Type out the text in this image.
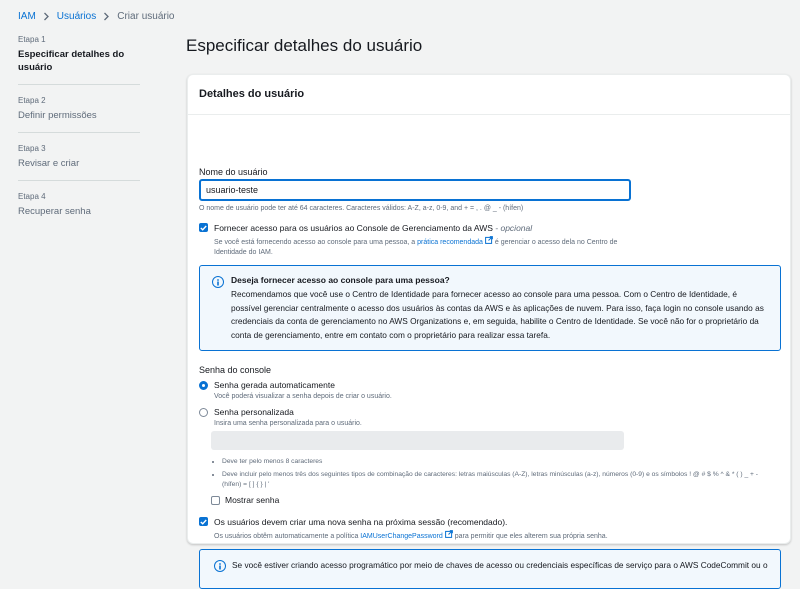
IAM Usuários Criar usuário
Etapa 1
Especificar detalhes do usuário
Etapa 2
Definir permissões
Etapa 3
Revisar e criar
Etapa 4
Recuperar senha
Especificar detalhes do usuário
Detalhes do usuário
Nome do usuário
usuario-teste
O nome de usuário pode ter até 64 caracteres. Caracteres válidos: A-Z, a-z, 0-9, and + = , . @ _ - (hífen)
Fornecer acesso para os usuários ao Console de Gerenciamento da AWS - opcional
Se você está fornecendo acesso ao console para uma pessoa, a prática recomendada é gerenciar o acesso dela no Centro de Identidade do IAM.
Deseja fornecer acesso ao console para uma pessoa?
Recomendamos que você use o Centro de Identidade para fornecer acesso ao console para uma pessoa. Com o Centro de Identidade, é possível gerenciar centralmente o acesso dos usuários às contas da AWS e às aplicações de nuvem. Para isso, faça login no console usando as credenciais da conta de gerenciamento no AWS Organizations e, em seguida, habilite o Centro de Identidade. Se você não for o proprietário da conta de gerenciamento, entre em contato com o proprietário para realizar essa tarefa.
Senha do console
Senha gerada automaticamente
Você poderá visualizar a senha depois de criar o usuário.
Senha personalizada
Insira uma senha personalizada para o usuário.
• Deve ter pelo menos 8 caracteres
• Deve incluir pelo menos três dos seguintes tipos de combinação de caracteres: letras maiúsculas (A-Z), letras minúsculas (a-z), números (0-9) e os símbolos ! @ # $ % ^ & * ( ) _ + - (hífen) = [ ] { } | '
Mostrar senha
Os usuários devem criar uma nova senha na próxima sessão (recomendado).
Os usuários obtêm automaticamente a política IAMUserChangePassword para permitir que eles alterem sua própria senha.
Se você estiver criando acesso programático por meio de chaves de acesso ou credenciais específicas de serviço para o AWS CodeCommit ou o
